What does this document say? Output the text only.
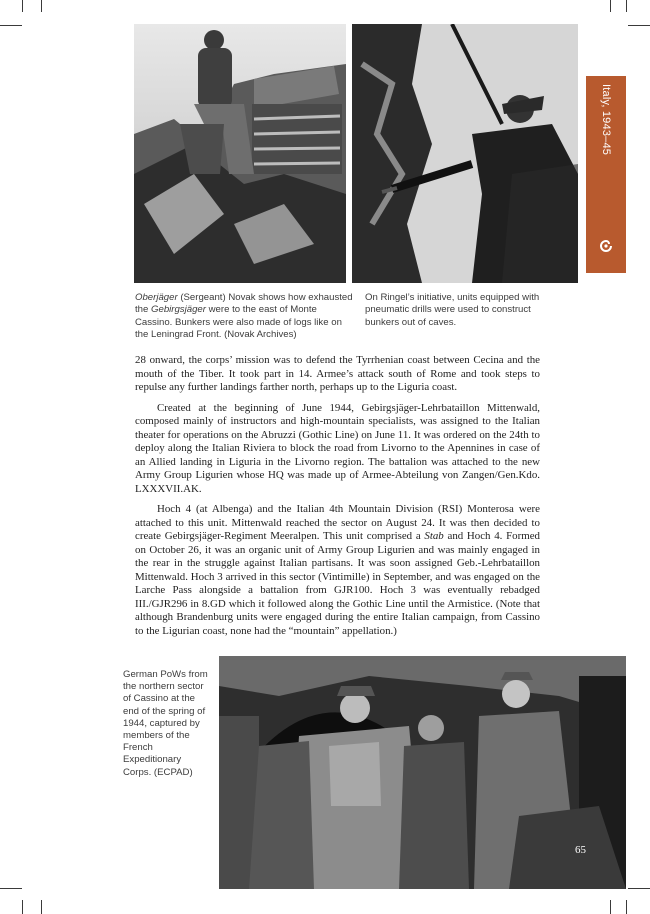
Italy, 1943–45
Oberjäger (Sergeant) Novak shows how exhausted the Gebirgsjäger were to the east of Monte Cassino. Bunkers were also made of logs like on the Leningrad Front. (Novak Archives)
On Ringel’s initiative, units equipped with pneumatic drills were used to construct bunkers out of caves.

28 onward, the corps’ mission was to defend the Tyrrhenian coast between Cecina and the mouth of the Tiber. It took part in 14. Armee’s attack south of Rome and took steps to repulse any further landings farther north, perhaps up to the Liguria coast.

Created at the beginning of June 1944, Gebirgsjäger-Lehrbataillon Mittenwald, composed mainly of instructors and high-mountain specialists, was assigned to the Italian theater for operations on the Abruzzi (Gothic Line) on June 11. It was ordered on the 24th to deploy along the Italian Riviera to block the road from Livorno to the Apennines in case of an Allied landing in Liguria in the Livorno region. The battalion was attached to the new Army Group Ligurien whose HQ was made up of Armee-Abteilung von Zangen/Gen.Kdo. LXXXVII.AK.

Hoch 4 (at Albenga) and the Italian 4th Mountain Division (RSI) Monterosa were attached to this unit. Mittenwald reached the sector on August 24. It was then decided to create Gebirgsjäger-Regiment Meeralpen. This unit comprised a Stab and Hoch 4. Formed on October 26, it was an organic unit of Army Group Ligurien and was mainly engaged in the rear in the struggle against Italian partisans. It was soon assigned Geb.-Lehrbataillon Mittenwald. Hoch 3 arrived in this sector (Vintimille) in September, and was engaged on the Larche Pass alongside a battalion from GJR100. Hoch 3 was eventually rebadged III./GJR296 in 8.GD which it followed along the Gothic Line until the Armistice. (Note that although Brandenburg units were engaged during the entire Italian campaign, from Cassino to the Ligurian coast, none had the “mountain” appellation.)

German PoWs from the northern sector of Cassino at the end of the spring of 1944, captured by members of the French Expeditionary Corps. (ECPAD)
65
